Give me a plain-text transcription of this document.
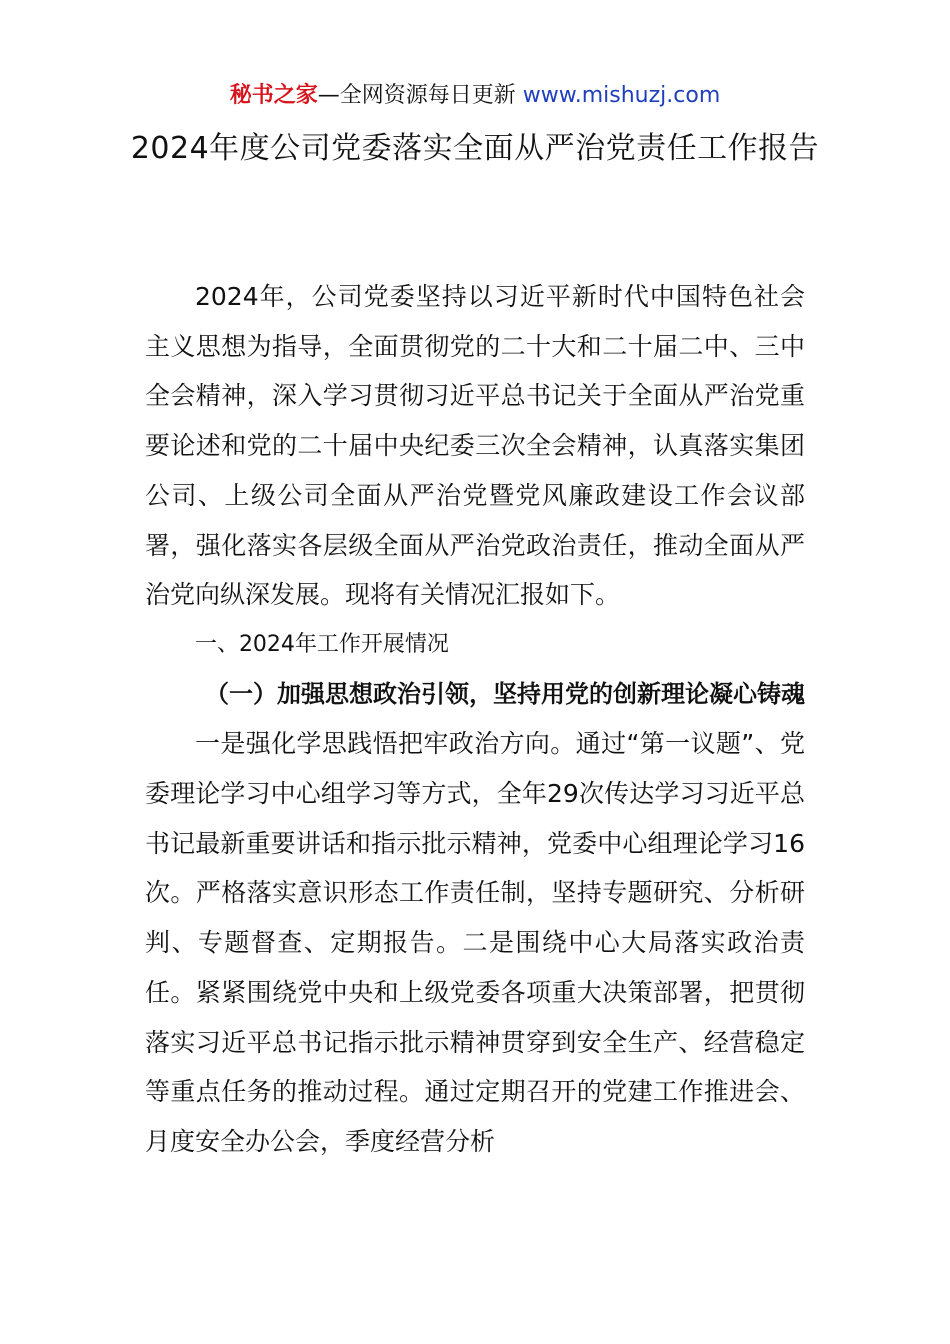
秘书之家—全网资源每日更新 www.mishuzj.com
2024年度公司党委落实全面从严治党责任工作报告

2024年，公司党委坚持以习近平新时代中国特色社会主义思想为指导，全面贯彻党的二十大和二十届二中、三中全会精神，深入学习贯彻习近平总书记关于全面从严治党重要论述和党的二十届中央纪委三次全会精神，认真落实集团公司、上级公司全面从严治党暨党风廉政建设工作会议部署，强化落实各层级全面从严治党政治责任，推动全面从严治党向纵深发展。现将有关情况汇报如下。

一、2024年工作开展情况

（一）加强思想政治引领，坚持用党的创新理论凝心铸魂

一是强化学思践悟把牢政治方向。通过“第一议题”、党委理论学习中心组学习等方式，全年29次传达学习习近平总书记最新重要讲话和指示批示精神，党委中心组理论学习16次。严格落实意识形态工作责任制，坚持专题研究、分析研判、专题督查、定期报告。二是围绕中心大局落实政治责任。紧紧围绕党中央和上级党委各项重大决策部署，把贯彻落实习近平总书记指示批示精神贯穿到安全生产、经营稳定等重点任务的推动过程。通过定期召开的党建工作推进会、月度安全办公会，季度经营分析
